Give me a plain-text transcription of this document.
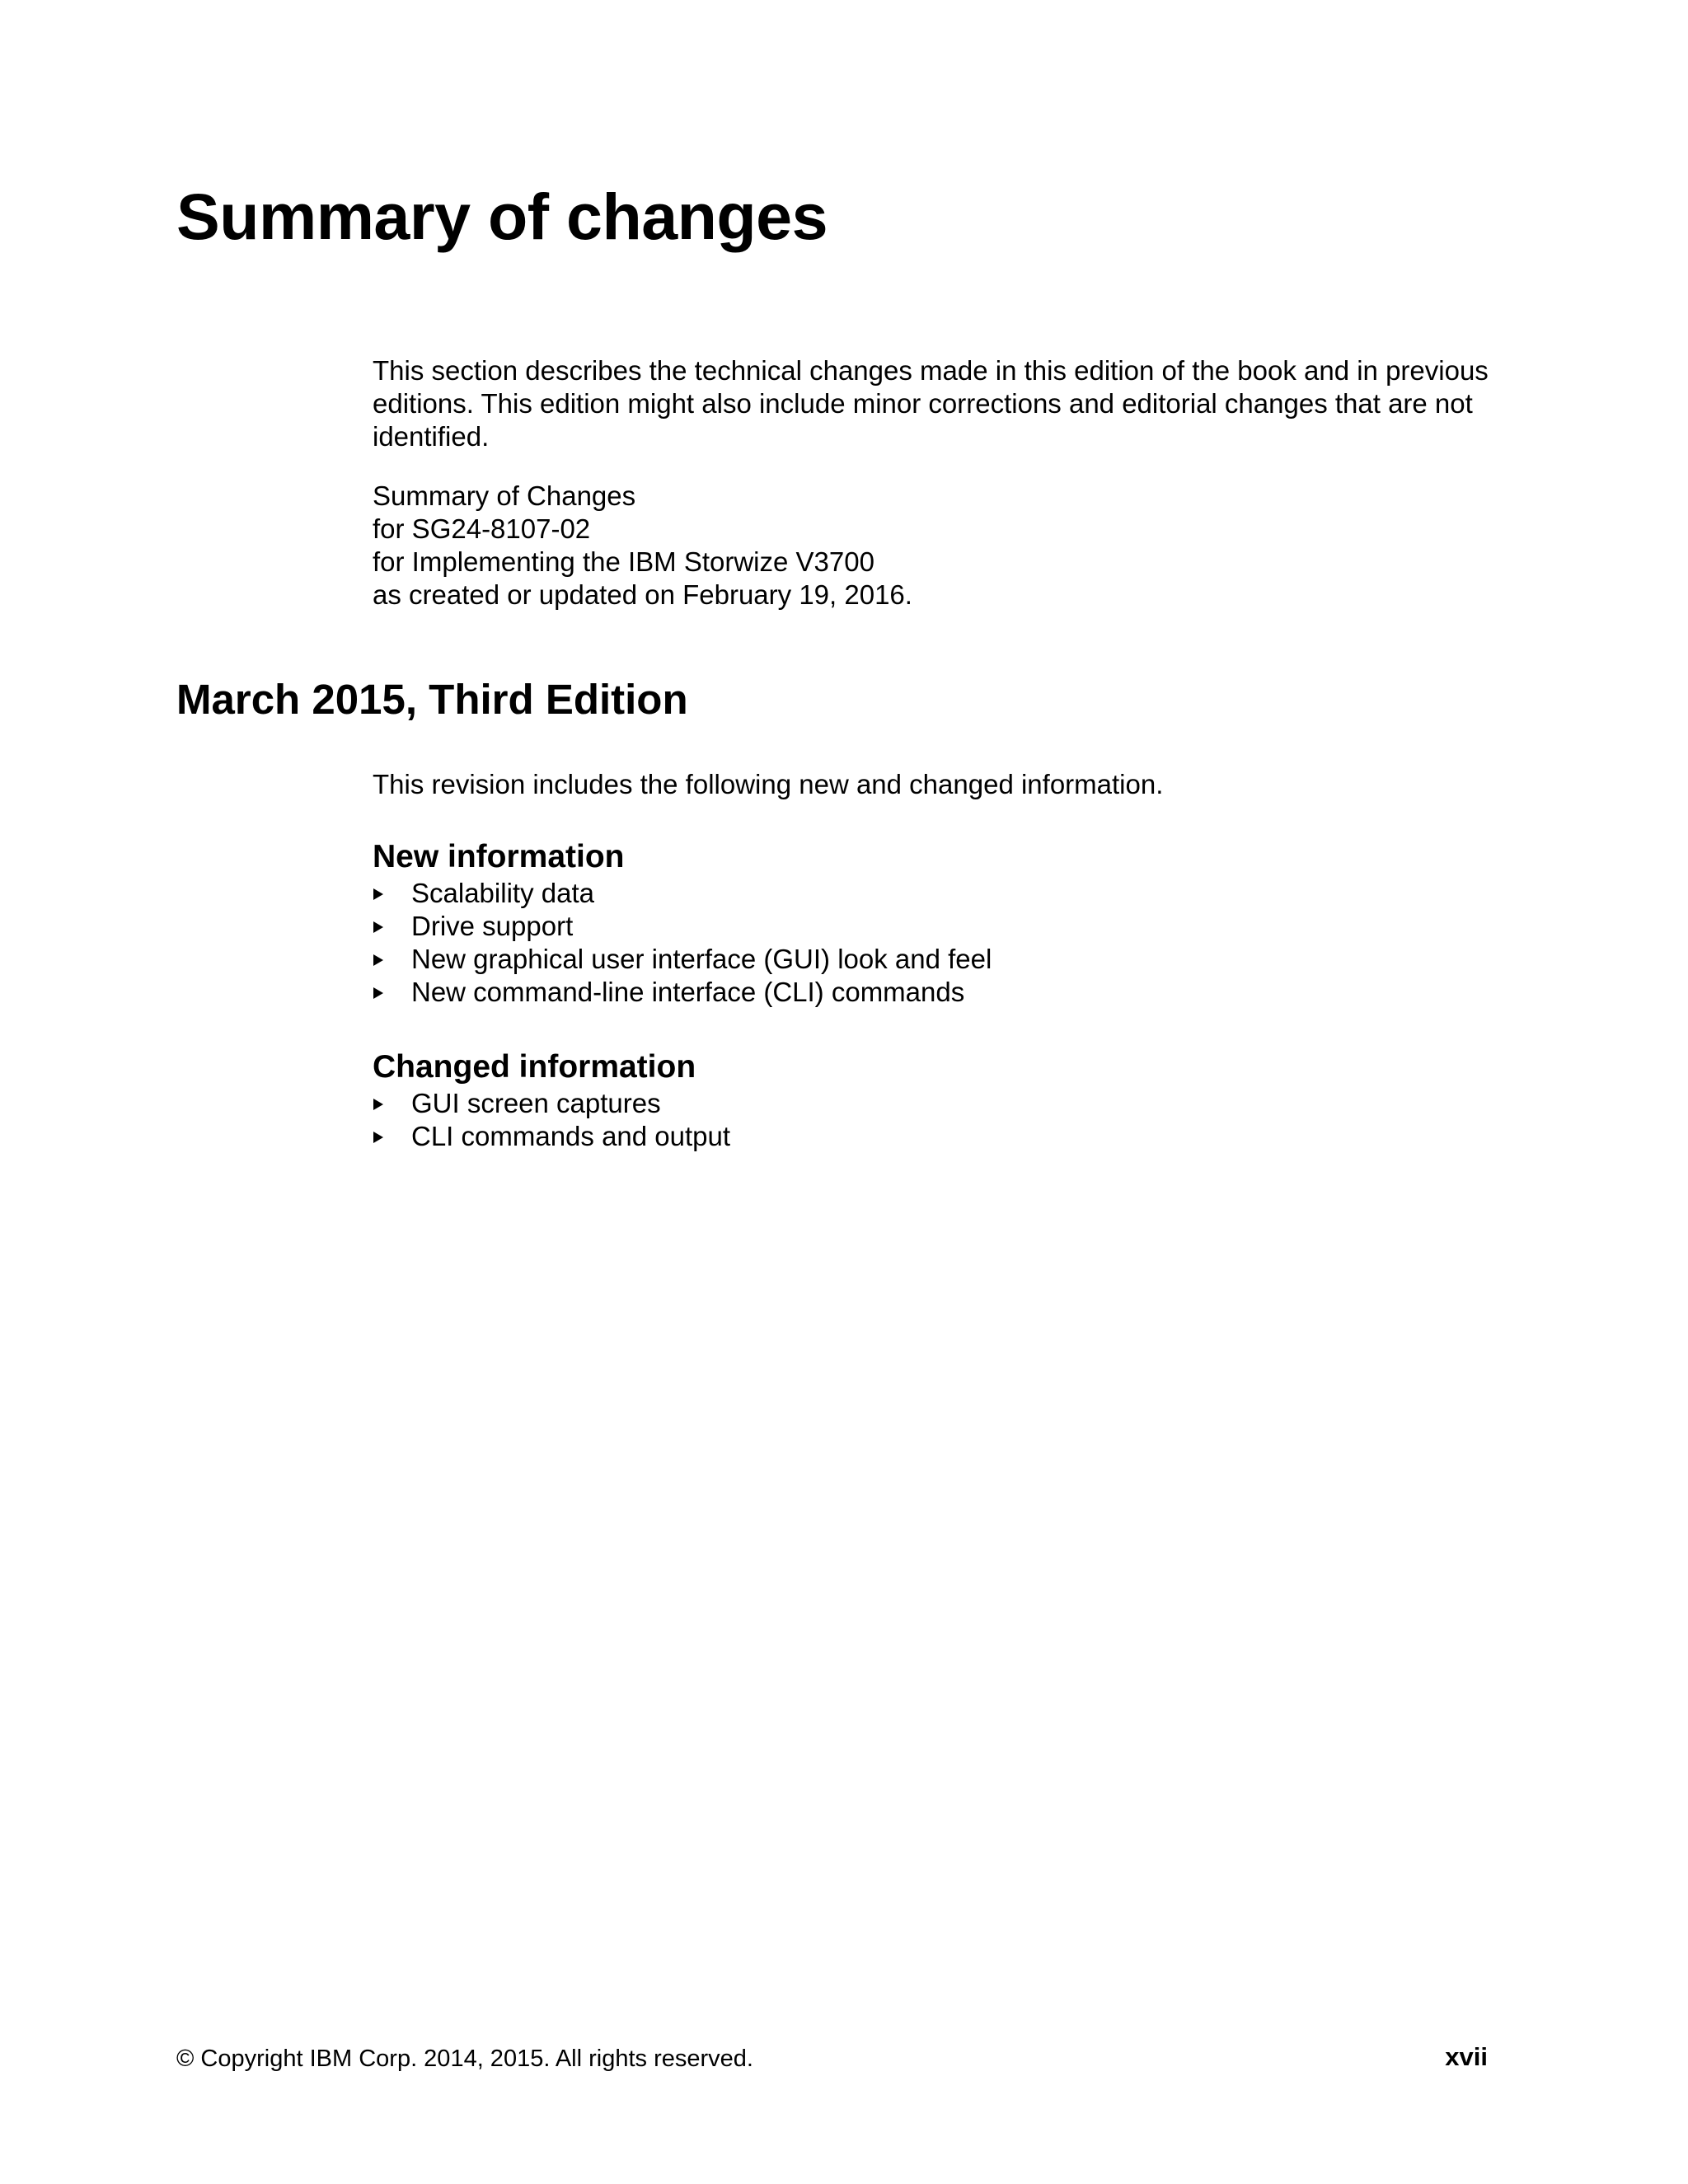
Summary of changes

This section describes the technical changes made in this edition of the book and in previous editions. This edition might also include minor corrections and editorial changes that are not identified.

Summary of Changes
for SG24-8107-02
for Implementing the IBM Storwize V3700
as created or updated on February 19, 2016.
March 2015, Third Edition

This revision includes the following new and changed information.

New information
Scalability data
Drive support
New graphical user interface (GUI) look and feel
New command-line interface (CLI) commands
Changed information
GUI screen captures
CLI commands and output
© Copyright IBM Corp. 2014, 2015. All rights reserved.	xvii
